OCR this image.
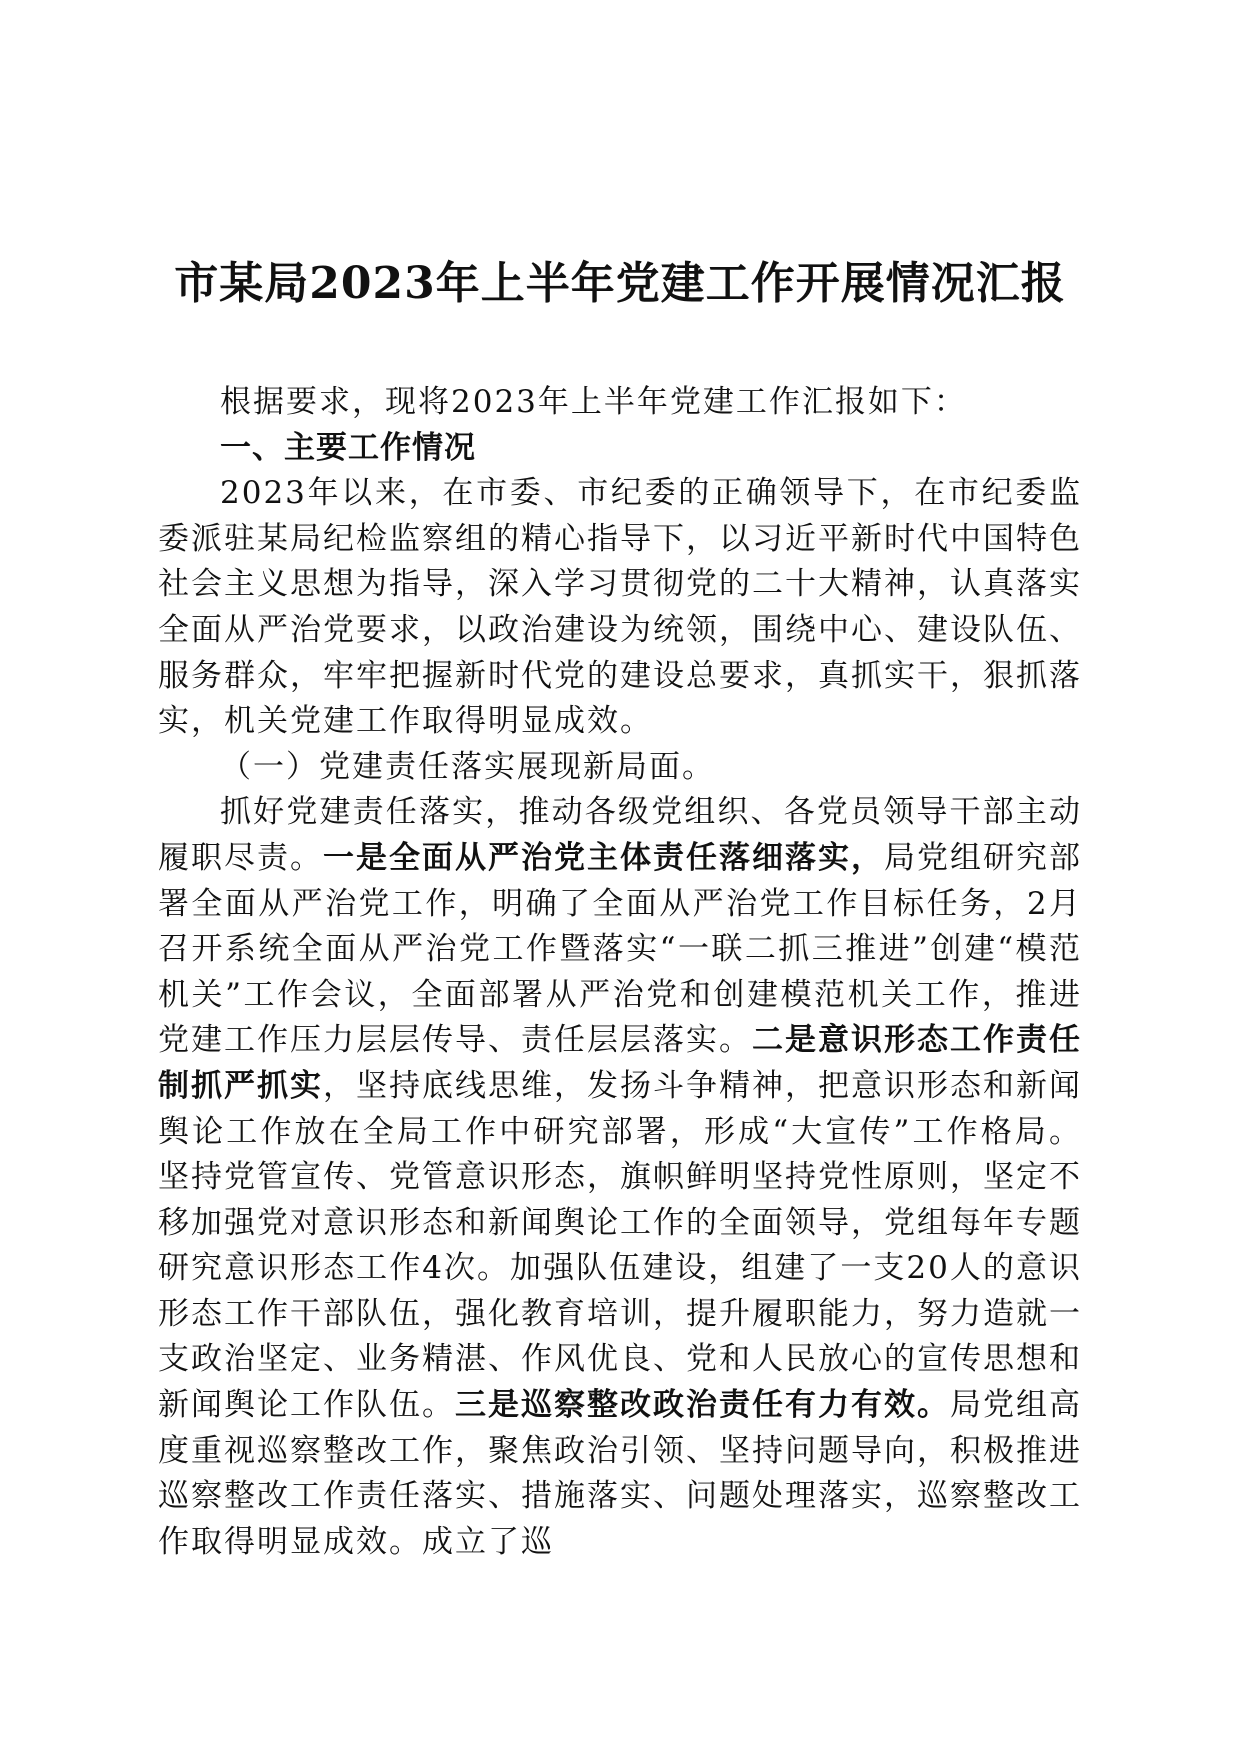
市某局2023年上半年党建工作开展情况汇报

根据要求，现将2023年上半年党建工作汇报如下：

一、主要工作情况

2023年以来，在市委、市纪委的正确领导下，在市纪委监委派驻某局纪检监察组的精心指导下，以习近平新时代中国特色社会主义思想为指导，深入学习贯彻党的二十大精神，认真落实全面从严治党要求，以政治建设为统领，围绕中心、建设队伍、服务群众，牢牢把握新时代党的建设总要求，真抓实干，狠抓落实，机关党建工作取得明显成效。

（一）党建责任落实展现新局面。

抓好党建责任落实，推动各级党组织、各党员领导干部主动履职尽责。一是全面从严治党主体责任落细落实，局党组研究部署全面从严治党工作，明确了全面从严治党工作目标任务，2月召开系统全面从严治党工作暨落实“一联二抓三推进”创建“模范机关”工作会议，全面部署从严治党和创建模范机关工作，推进党建工作压力层层传导、责任层层落实。二是意识形态工作责任制抓严抓实，坚持底线思维，发扬斗争精神，把意识形态和新闻舆论工作放在全局工作中研究部署，形成“大宣传”工作格局。坚持党管宣传、党管意识形态，旗帜鲜明坚持党性原则，坚定不移加强党对意识形态和新闻舆论工作的全面领导，党组每年专题研究意识形态工作4次。加强队伍建设，组建了一支20人的意识形态工作干部队伍，强化教育培训，提升履职能力，努力造就一支政治坚定、业务精湛、作风优良、党和人民放心的宣传思想和新闻舆论工作队伍。三是巡察整改政治责任有力有效。局党组高度重视巡察整改工作，聚焦政治引领、坚持问题导向，积极推进巡察整改工作责任落实、措施落实、问题处理落实，巡察整改工作取得明显成效。成立了巡
